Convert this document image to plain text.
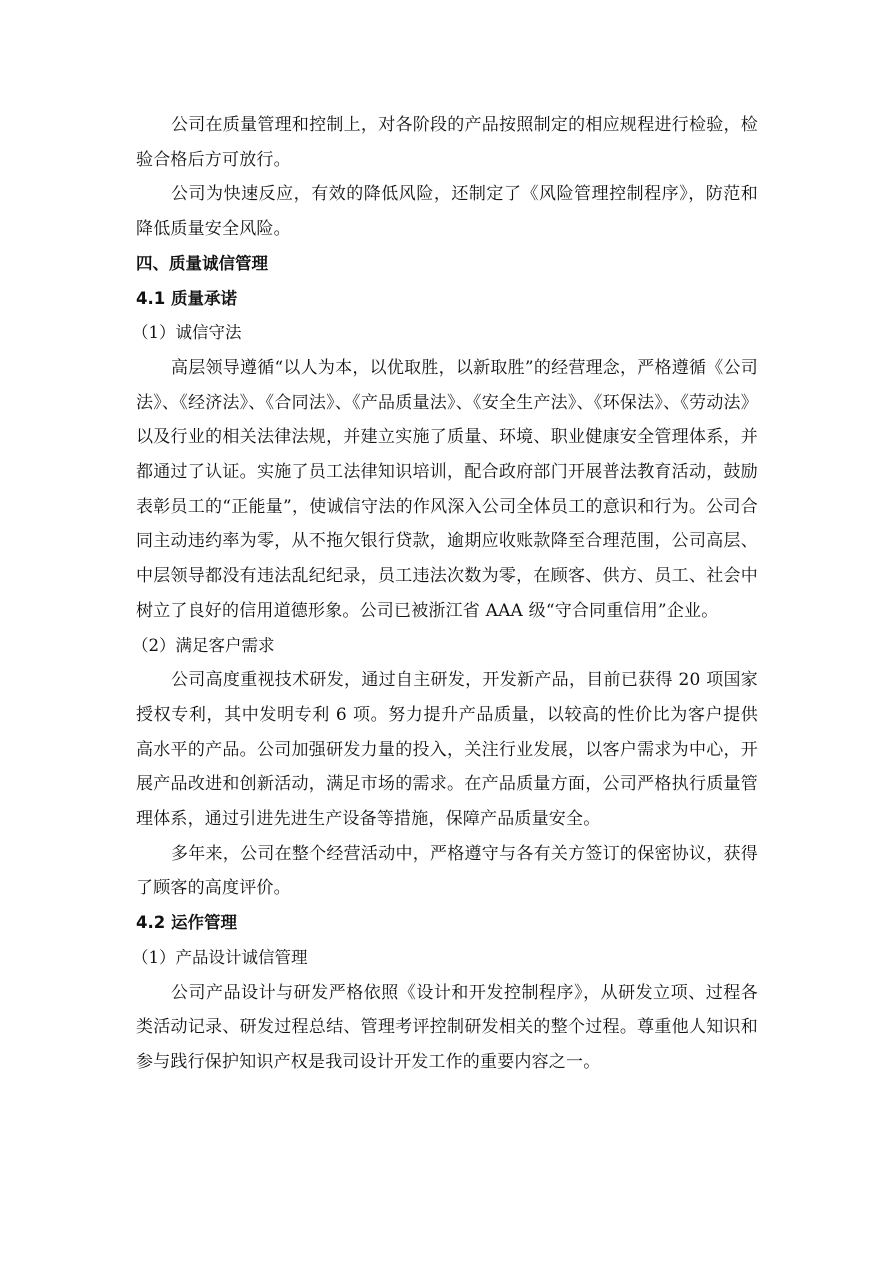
公司在质量管理和控制上，对各阶段的产品按照制定的相应规程进行检验，检验合格后方可放行。

公司为快速反应，有效的降低风险，还制定了《风险管理控制程序》，防范和降低质量安全风险。

四、质量诚信管理
4.1 质量承诺

（1）诚信守法

高层领导遵循“以人为本，以优取胜，以新取胜”的经营理念，严格遵循《公司法》、《经济法》、《合同法》、《产品质量法》、《安全生产法》、《环保法》、《劳动法》以及行业的相关法律法规，并建立实施了质量、环境、职业健康安全管理体系，并都通过了认证。实施了员工法律知识培训，配合政府部门开展普法教育活动，鼓励表彰员工的“正能量”，使诚信守法的作风深入公司全体员工的意识和行为。公司合同主动违约率为零，从不拖欠银行贷款，逾期应收账款降至合理范围，公司高层、中层领导都没有违法乱纪纪录，员工违法次数为零，在顾客、供方、员工、社会中树立了良好的信用道德形象。公司已被浙江省 AAA 级“守合同重信用”企业。

（2）满足客户需求

公司高度重视技术研发，通过自主研发，开发新产品，目前已获得 20 项国家授权专利，其中发明专利 6 项。努力提升产品质量，以较高的性价比为客户提供高水平的产品。公司加强研发力量的投入，关注行业发展，以客户需求为中心，开展产品改进和创新活动，满足市场的需求。在产品质量方面，公司严格执行质量管理体系，通过引进先进生产设备等措施，保障产品质量安全。

多年来，公司在整个经营活动中，严格遵守与各有关方签订的保密协议，获得了顾客的高度评价。

4.2 运作管理

（1）产品设计诚信管理

公司产品设计与研发严格依照《设计和开发控制程序》，从研发立项、过程各类活动记录、研发过程总结、管理考评控制研发相关的整个过程。尊重他人知识和参与践行保护知识产权是我司设计开发工作的重要内容之一。
